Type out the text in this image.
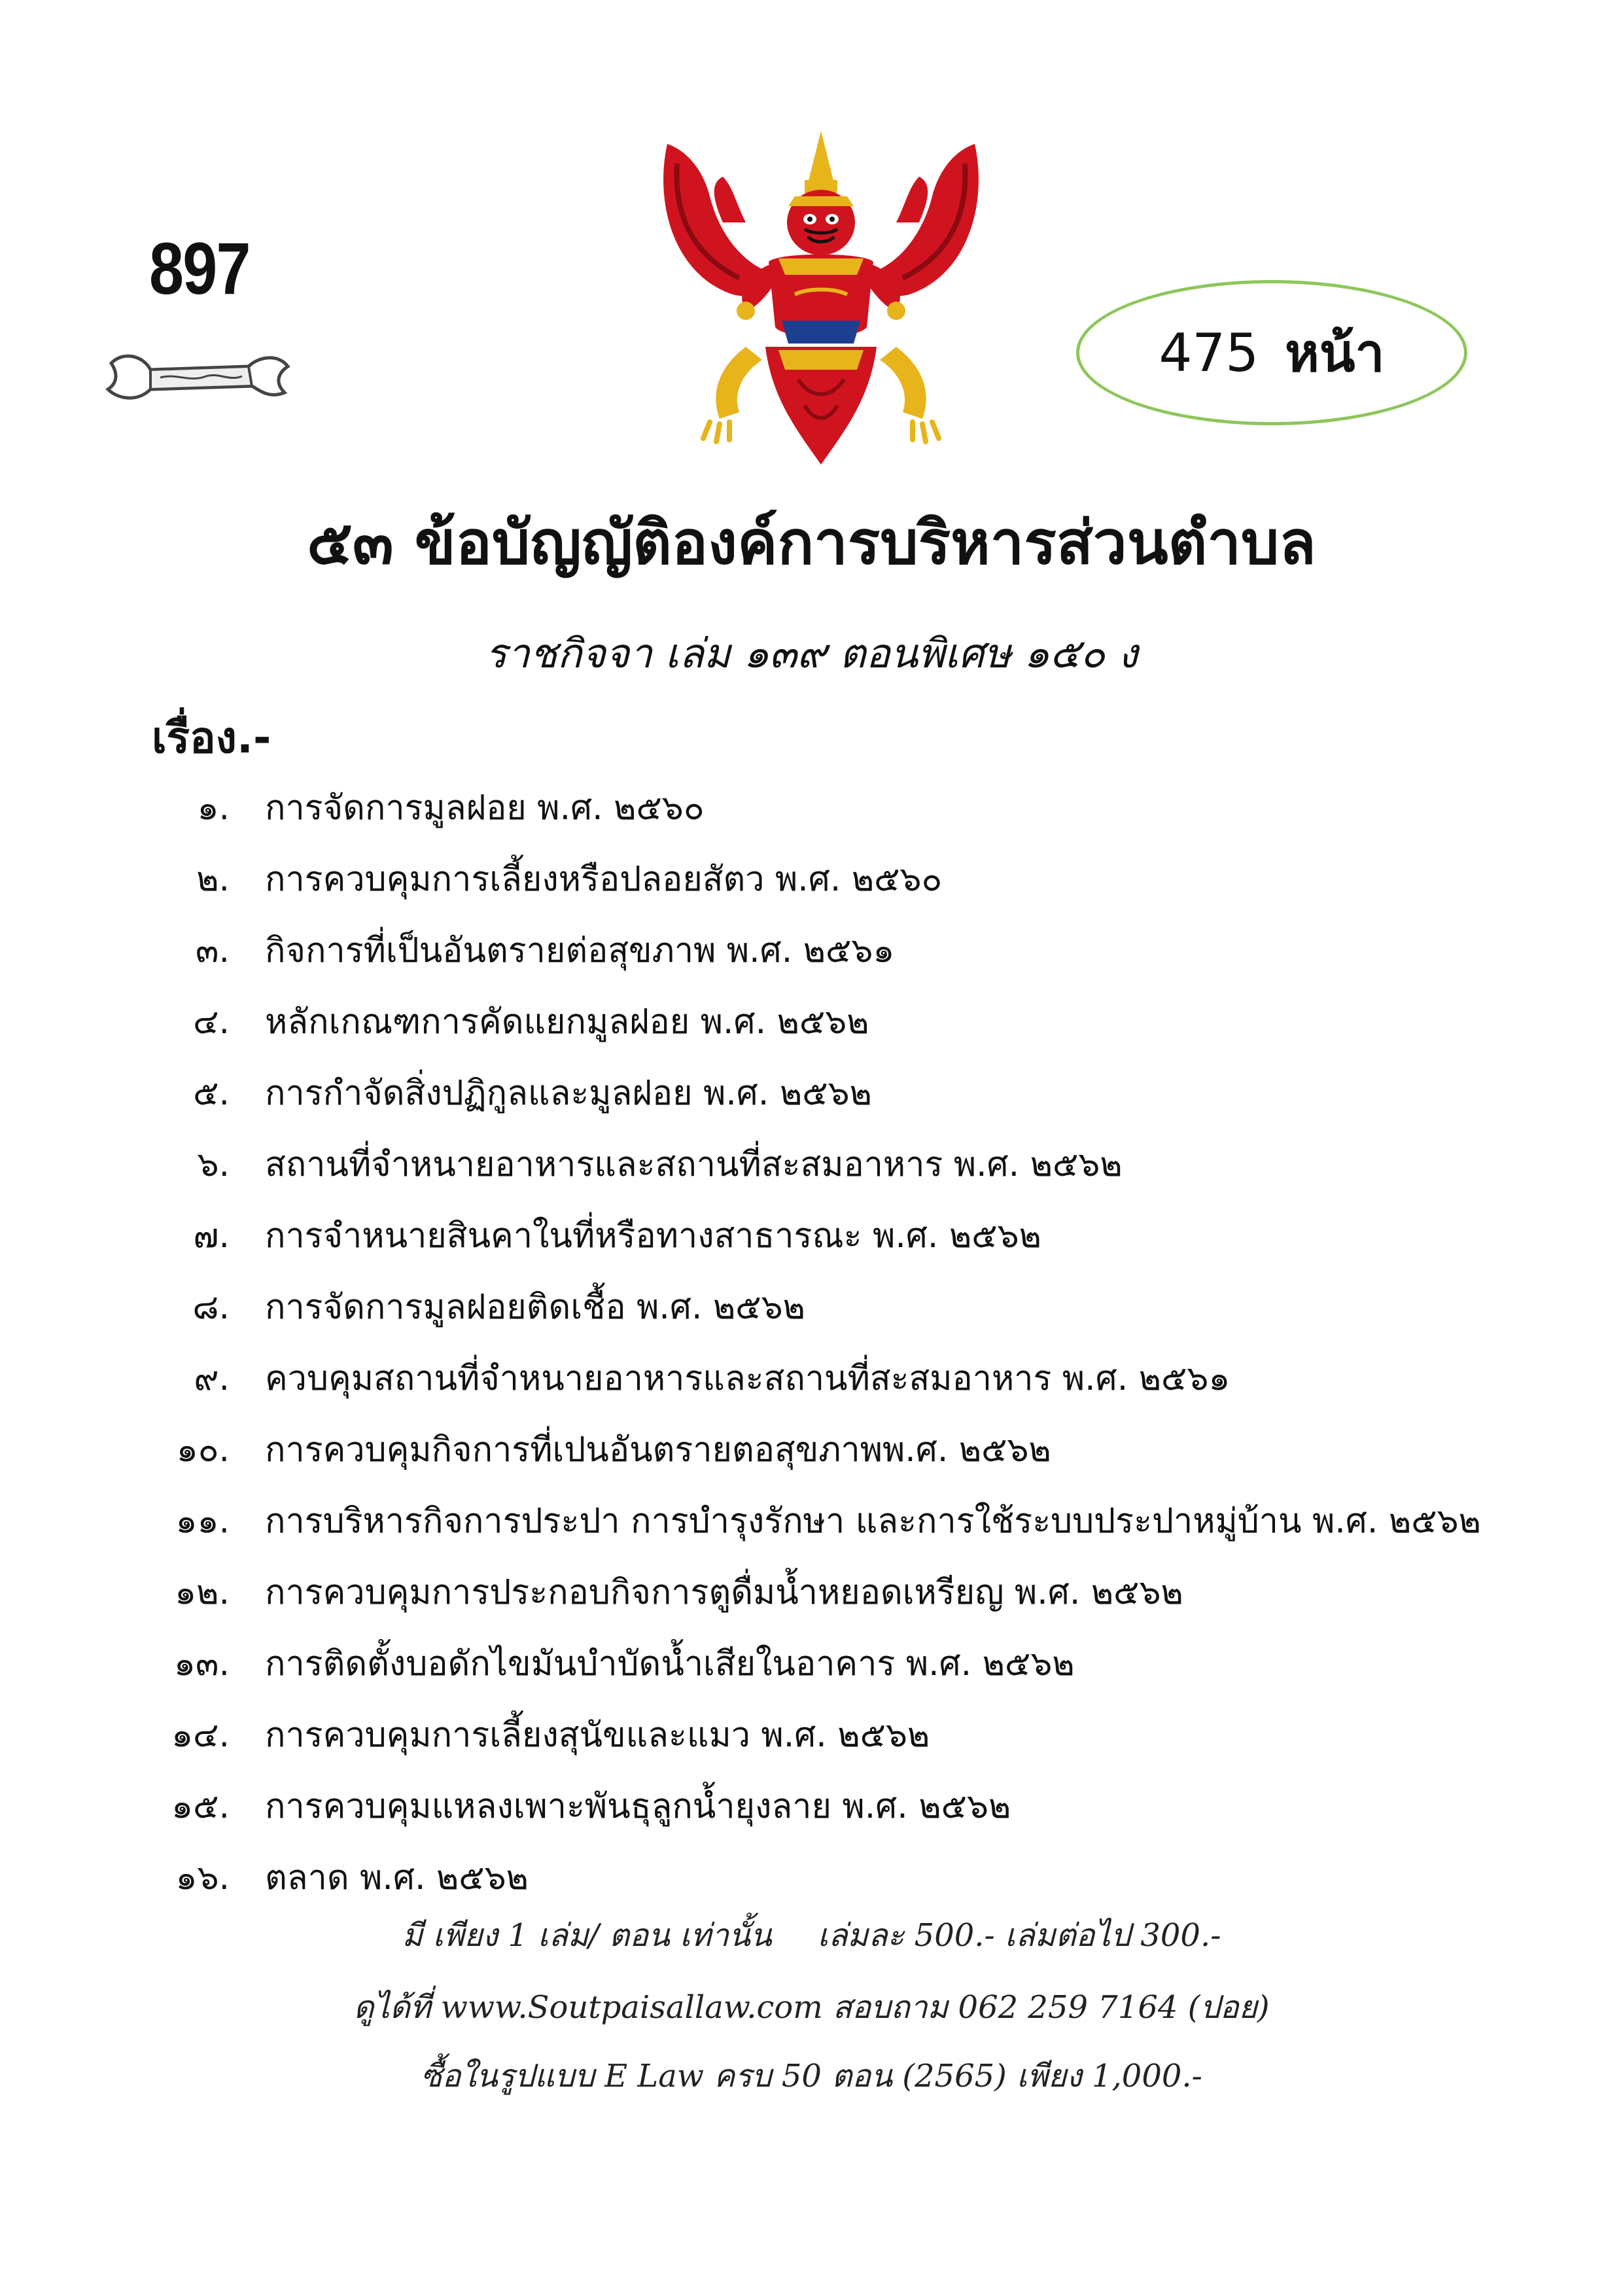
897
475 หน้า
๕๓ ข้อบัญญัติองค์การบริหารส่วนตำบล
ราชกิจจา เล่ม ๑๓๙ ตอนพิเศษ ๑๕๐ ง
เรื่อง.-
๑. การจัดการมูลฝอย พ.ศ. ๒๕๖๐
๒. การควบคุมการเลี้ยงหรือปลอยสัตว พ.ศ. ๒๕๖๐
๓. กิจการที่เป็นอันตรายต่อสุขภาพ พ.ศ. ๒๕๖๑
๔. หลักเกณฑการคัดแยกมูลฝอย พ.ศ. ๒๕๖๒
๕. การกำจัดสิ่งปฏิกูลและมูลฝอย พ.ศ. ๒๕๖๒
๖. สถานที่จำหนายอาหารและสถานที่สะสมอาหาร พ.ศ. ๒๕๖๒
๗. การจำหนายสินคาในที่หรือทางสาธารณะ พ.ศ. ๒๕๖๒
๘. การจัดการมูลฝอยติดเชื้อ พ.ศ. ๒๕๖๒
๙. ควบคุมสถานที่จำหนายอาหารและสถานที่สะสมอาหาร พ.ศ. ๒๕๖๑
๑๐. การควบคุมกิจการที่เปนอันตรายตอสุขภาพพ.ศ. ๒๕๖๒
๑๑. การบริหารกิจการประปา การบำรุงรักษา และการใช้ระบบประปาหมู่บ้าน พ.ศ. ๒๕๖๒
๑๒. การควบคุมการประกอบกิจการตูดื่มน้ำหยอดเหรียญ พ.ศ. ๒๕๖๒
๑๓. การติดตั้งบอดักไขมันบำบัดน้ำเสียในอาคาร พ.ศ. ๒๕๖๒
๑๔. การควบคุมการเลี้ยงสุนัขและแมว พ.ศ. ๒๕๖๒
๑๕. การควบคุมแหลงเพาะพันธุลูกน้ำยุงลาย พ.ศ. ๒๕๖๒
๑๖. ตลาด พ.ศ. ๒๕๖๒
มี เพียง 1 เล่ม/ ตอน เท่านั้น เล่มละ 500.- เล่มต่อไป 300.-
ดูได้ที่ www.Soutpaisallaw.com สอบถาม 062 259 7164 (ปอย)
ซื้อในรูปแบบ E Law ครบ 50 ตอน (2565) เพียง 1,000.-
